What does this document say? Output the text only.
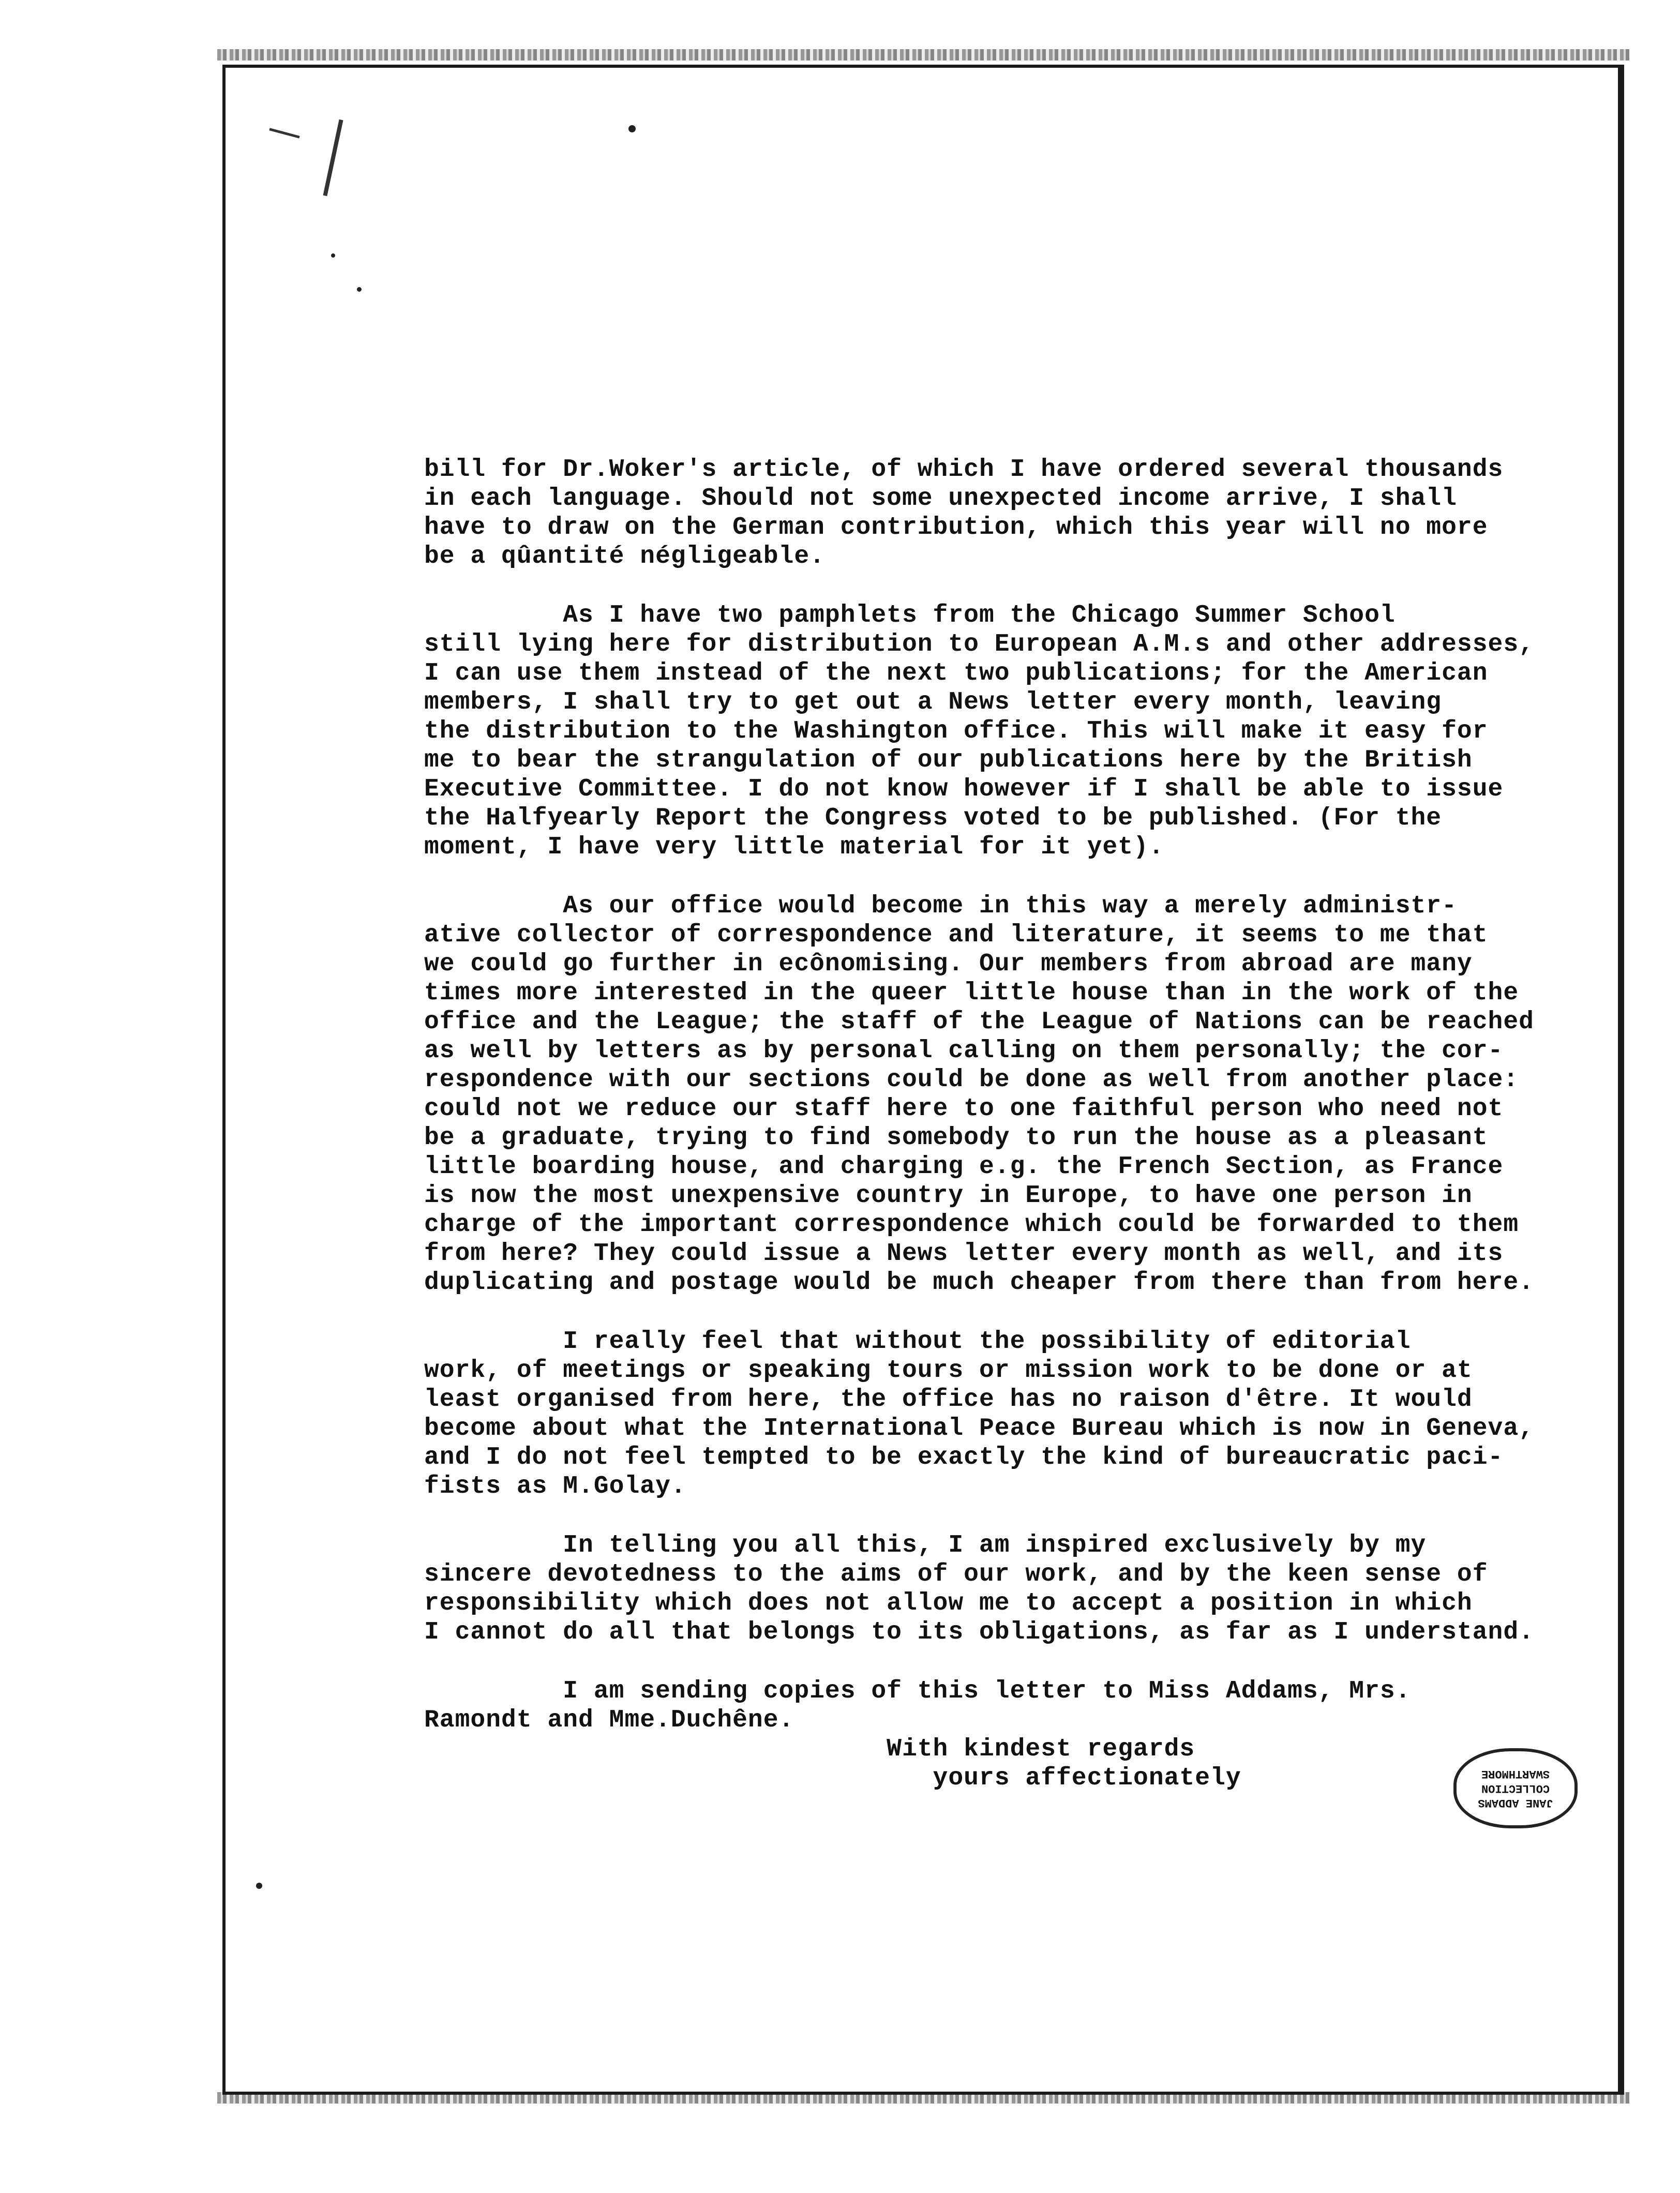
bill for Dr.Woker's article, of which I have ordered several thousands
in each language. Should not some unexpected income arrive, I shall
have to draw on the German contribution, which this year will no more
be a qûantité négligeable.
As I have two pamphlets from the Chicago Summer School
still lying here for distribution to European A.M.s and other addresses,
I can use them instead of the next two publications; for the American
members, I shall try to get out a News letter every month, leaving
the distribution to the Washington office. This will make it easy for
me to bear the strangulation of our publications here by the British
Executive Committee. I do not know however if I shall be able to issue
the Halfyearly Report the Congress voted to be published. (For the
moment, I have very little material for it yet).
As our office would become in this way a merely administr-
ative collector of correspondence and literature, it seems to me that
we could go further in ecônomising. Our members from abroad are many
times more interested in the queer little house than in the work of the
office and the League; the staff of the League of Nations can be reached
as well by letters as by personal calling on them personally; the cor-
respondence with our sections could be done as well from another place:
could not we reduce our staff here to one faithful person who need not
be a graduate, trying to find somebody to run the house as a pleasant
little boarding house, and charging e.g. the French Section, as France
is now the most unexpensive country in Europe, to have one person in
charge of the important correspondence which could be forwarded to them
from here? They could issue a News letter every month as well, and its
duplicating and postage would be much cheaper from there than from here.
I really feel that without the possibility of editorial
work, of meetings or speaking tours or mission work to be done or at
least organised from here, the office has no raison d'être. It would
become about what the International Peace Bureau which is now in Geneva,
and I do not feel tempted to be exactly the kind of bureaucratic paci-
fists as M.Golay.
In telling you all this, I am inspired exclusively by my
sincere devotedness to the aims of our work, and by the keen sense of
responsibility which does not allow me to accept a position in which
I cannot do all that belongs to its obligations, as far as I understand.
I am sending copies of this letter to Miss Addams, Mrs.
Ramondt and Mme.Duchêne.
With kindest regards
yours affectionately
JANE ADDAMS
COLLECTION
SWARTHMORE
